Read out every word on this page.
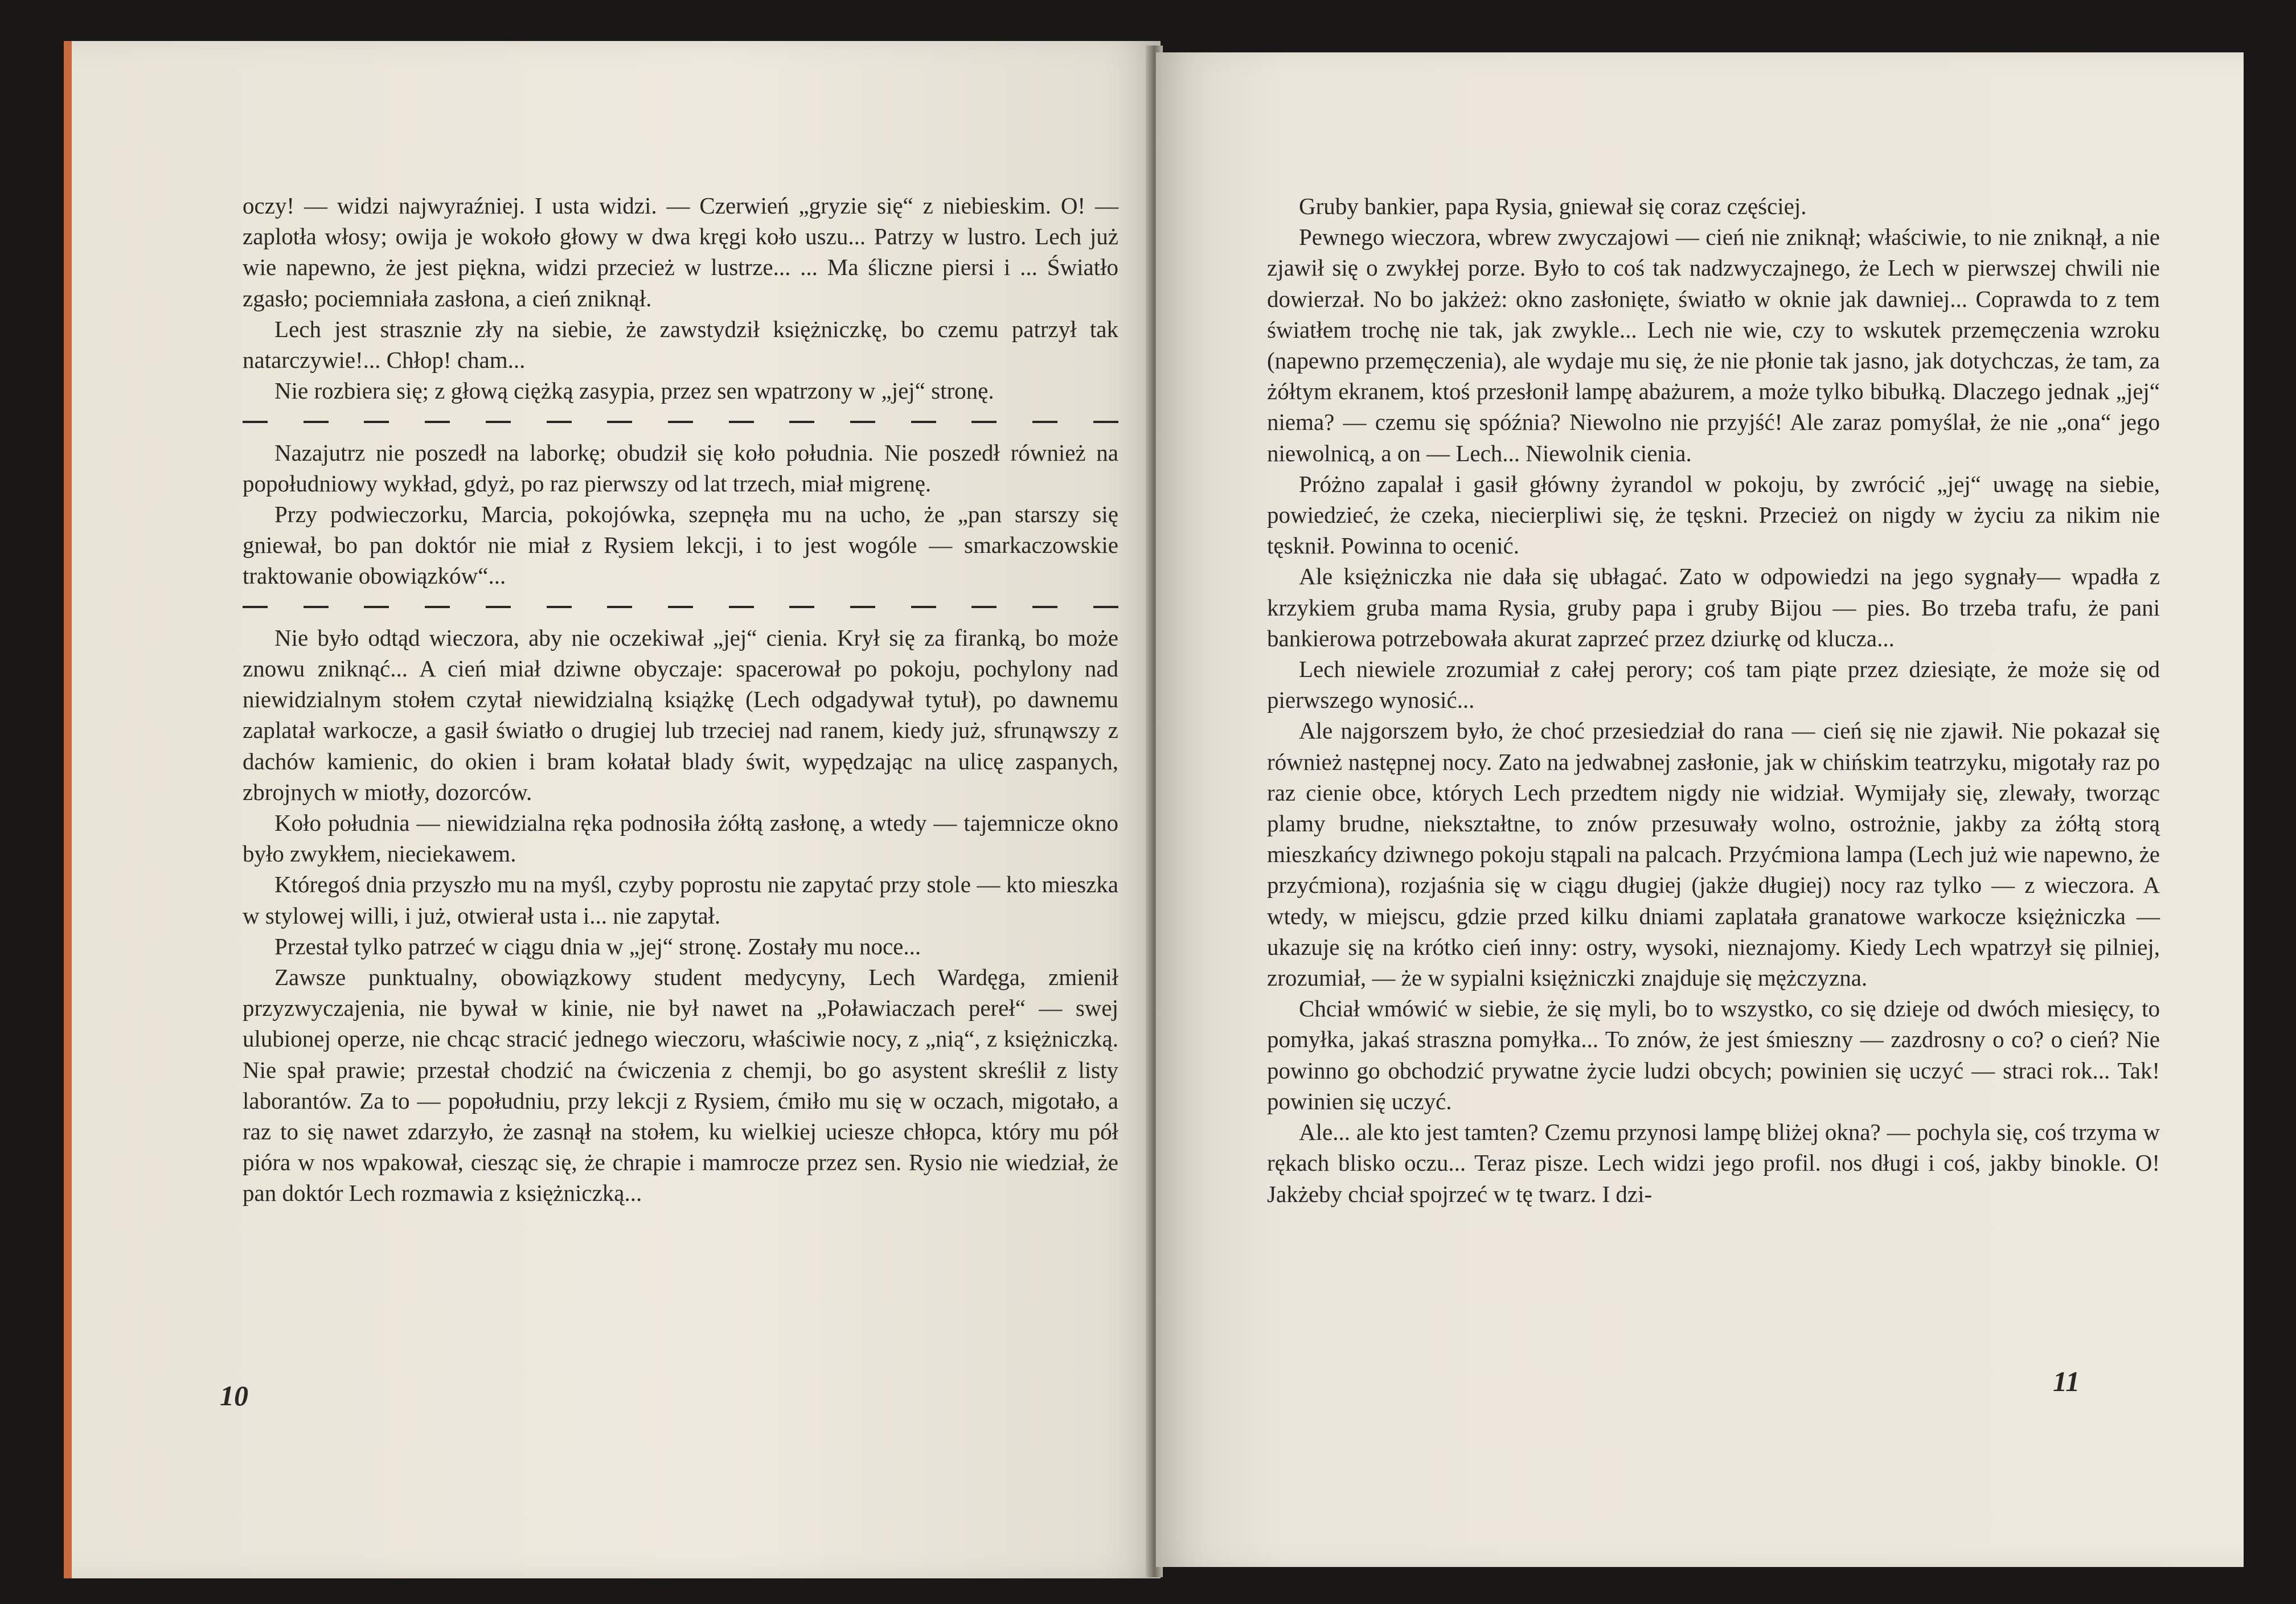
oczy! — widzi najwyraźniej. I usta widzi. — Czerwień „gryzie się“ z niebieskim. O! — zaplotła włosy; owija je wokoło głowy w dwa kręgi koło uszu... Patrzy w lustro. Lech już wie napewno, że jest piękna, widzi przecież w lustrze... ... Ma śliczne piersi i ... Światło zgasło; pociemniała zasłona, a cień zniknął.

Lech jest strasznie zły na siebie, że zawstydził księżniczkę, bo czemu patrzył tak natarczywie!... Chłop! cham...

Nie rozbiera się; z głową ciężką zasypia, przez sen wpatrzony w „jej“ stronę.

Nazajutrz nie poszedł na laborkę; obudził się koło południa. Nie poszedł również na popołudniowy wykład, gdyż, po raz pierwszy od lat trzech, miał migrenę.

Przy podwieczorku, Marcia, pokojówka, szepnęła mu na ucho, że „pan starszy się gniewał, bo pan doktór nie miał z Rysiem lekcji, i to jest wogóle — smarkaczowskie traktowanie obowiązków“...

Nie było odtąd wieczora, aby nie oczekiwał „jej“ cienia. Krył się za firanką, bo może znowu zniknąć... A cień miał dziwne obyczaje: spacerował po pokoju, pochylony nad niewidzialnym stołem czytał niewidzialną książkę (Lech odgadywał tytuł), po dawnemu zaplatał warkocze, a gasił światło o drugiej lub trzeciej nad ranem, kiedy już, sfrunąwszy z dachów kamienic, do okien i bram kołatał blady świt, wypędzając na ulicę zaspanych, zbrojnych w miotły, dozorców.

Koło południa — niewidzialna ręka podnosiła żółtą zasłonę, a wtedy — tajemnicze okno było zwykłem, nieciekawem.

Któregoś dnia przyszło mu na myśl, czyby poprostu nie zapytać przy stole — kto mieszka w stylowej willi, i już, otwierał usta i... nie zapytał.

Przestał tylko patrzeć w ciągu dnia w „jej“ stronę. Zostały mu noce...

Zawsze punktualny, obowiązkowy student medycyny, Lech Wardęga, zmienił przyzwyczajenia, nie bywał w kinie, nie był nawet na „Poławiaczach pereł“ — swej ulubionej operze, nie chcąc stracić jednego wieczoru, właściwie nocy, z „nią“, z księżniczką. Nie spał prawie; przestał chodzić na ćwiczenia z chemji, bo go asystent skreślił z listy laborantów. Za to — popołudniu, przy lekcji z Rysiem, ćmiło mu się w oczach, migotało, a raz to się nawet zdarzyło, że zasnął na stołem, ku wielkiej uciesze chłopca, który mu pół pióra w nos wpakował, ciesząc się, że chrapie i mamrocze przez sen. Rysio nie wiedział, że pan doktór Lech rozmawia z księżniczką...

10

Gruby bankier, papa Rysia, gniewał się coraz częściej.

Pewnego wieczora, wbrew zwyczajowi — cień nie zniknął; właściwie, to nie zniknął, a nie zjawił się o zwykłej porze. Było to coś tak nadzwyczajnego, że Lech w pierwszej chwili nie dowierzał. No bo jakżeż: okno zasłonięte, światło w oknie jak dawniej... Coprawda to z tem światłem trochę nie tak, jak zwykle... Lech nie wie, czy to wskutek przemęczenia wzroku (napewno przemęczenia), ale wydaje mu się, że nie płonie tak jasno, jak dotychczas, że tam, za żółtym ekranem, ktoś przesłonił lampę abażurem, a może tylko bibułką. Dlaczego jednak „jej“ niema? — czemu się spóźnia? Niewolno nie przyjść! Ale zaraz pomyślał, że nie „ona“ jego niewolnicą, a on — Lech... Niewolnik cienia.

Próżno zapalał i gasił główny żyrandol w pokoju, by zwrócić „jej“ uwagę na siebie, powiedzieć, że czeka, niecierpliwi się, że tęskni. Przecież on nigdy w życiu za nikim nie tęsknił. Powinna to ocenić.

Ale księżniczka nie dała się ubłagać. Zato w odpowiedzi na jego sygnały— wpadła z krzykiem gruba mama Rysia, gruby papa i gruby Bijou — pies. Bo trzeba trafu, że pani bankierowa potrzebowała akurat zaprzeć przez dziurkę od klucza...

Lech niewiele zrozumiał z całej perory; coś tam piąte przez dziesiąte, że może się od pierwszego wynosić...

Ale najgorszem było, że choć przesiedział do rana — cień się nie zjawił. Nie pokazał się również następnej nocy. Zato na jedwabnej zasłonie, jak w chińskim teatrzyku, migotały raz po raz cienie obce, których Lech przedtem nigdy nie widział. Wymijały się, zlewały, tworząc plamy brudne, niekształtne, to znów przesuwały wolno, ostrożnie, jakby za żółtą storą mieszkańcy dziwnego pokoju stąpali na palcach. Przyćmiona lampa (Lech już wie napewno, że przyćmiona), rozjaśnia się w ciągu długiej (jakże długiej) nocy raz tylko — z wieczora. A wtedy, w miejscu, gdzie przed kilku dniami zaplatała granatowe warkocze księżniczka — ukazuje się na krótko cień inny: ostry, wysoki, nieznajomy. Kiedy Lech wpatrzył się pilniej, zrozumiał, — że w sypialni księżniczki znajduje się mężczyzna.

Chciał wmówić w siebie, że się myli, bo to wszystko, co się dzieje od dwóch miesięcy, to pomyłka, jakaś straszna pomyłka... To znów, że jest śmieszny — zazdrosny o co? o cień? Nie powinno go obchodzić prywatne życie ludzi obcych; powinien się uczyć — straci rok... Tak! powinien się uczyć.

Ale... ale kto jest tamten? Czemu przynosi lampę bliżej okna? — pochyla się, coś trzyma w rękach blisko oczu... Teraz pisze. Lech widzi jego profil. nos długi i coś, jakby binokle. O! Jakżeby chciał spojrzeć w tę twarz. I dzi-

11
